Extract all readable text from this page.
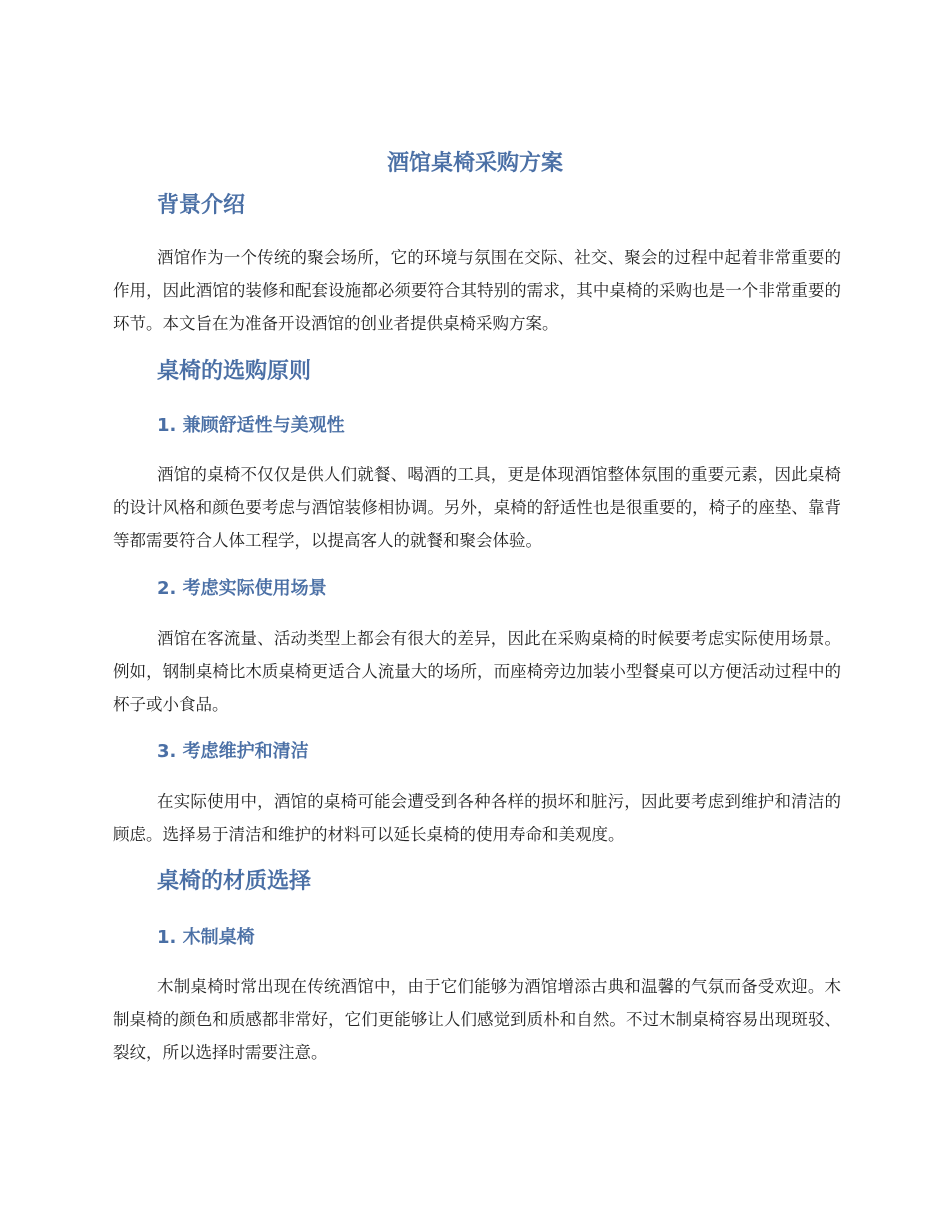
酒馆桌椅采购方案
背景介绍

酒馆作为一个传统的聚会场所，它的环境与氛围在交际、社交、聚会的过程中起着非常重要的作用，因此酒馆的装修和配套设施都必须要符合其特别的需求，其中桌椅的采购也是一个非常重要的环节。本文旨在为准备开设酒馆的创业者提供桌椅采购方案。

桌椅的选购原则
1. 兼顾舒适性与美观性

酒馆的桌椅不仅仅是供人们就餐、喝酒的工具，更是体现酒馆整体氛围的重要元素，因此桌椅的设计风格和颜色要考虑与酒馆装修相协调。另外，桌椅的舒适性也是很重要的，椅子的座垫、靠背等都需要符合人体工程学，以提高客人的就餐和聚会体验。

2. 考虑实际使用场景

酒馆在客流量、活动类型上都会有很大的差异，因此在采购桌椅的时候要考虑实际使用场景。例如，钢制桌椅比木质桌椅更适合人流量大的场所，而座椅旁边加装小型餐桌可以方便活动过程中的杯子或小食品。

3. 考虑维护和清洁

在实际使用中，酒馆的桌椅可能会遭受到各种各样的损坏和脏污，因此要考虑到维护和清洁的顾虑。选择易于清洁和维护的材料可以延长桌椅的使用寿命和美观度。

桌椅的材质选择
1. 木制桌椅

木制桌椅时常出现在传统酒馆中，由于它们能够为酒馆增添古典和温馨的气氛而备受欢迎。木制桌椅的颜色和质感都非常好，它们更能够让人们感觉到质朴和自然。不过木制桌椅容易出现斑驳、裂纹，所以选择时需要注意。
